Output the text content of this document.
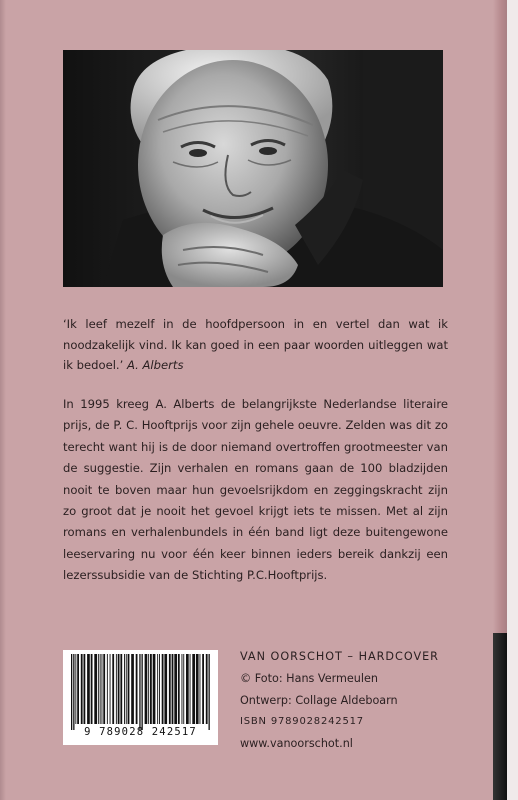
‘Ik leef mezelf in de hoofdpersoon in en vertel dan wat ik noodzakelijk vind. Ik kan goed in een paar woorden uitleggen wat ik bedoel.’ A. Alberts
In 1995 kreeg A. Alberts de belangrijkste Nederlandse literaire prijs, de P. C. Hooftprijs voor zijn gehele oeuvre. Zelden was dit zo terecht want hij is de door niemand overtroffen grootmeester van de suggestie. Zijn verhalen en romans gaan de 100 bladzijden nooit te boven maar hun gevoelsrijkdom en zeggingskracht zijn zo groot dat je nooit het gevoel krijgt iets te missen. Met al zijn romans en verhalenbundels in één band ligt deze buitengewone leeservaring nu voor één keer binnen ieders bereik dankzij een lezerssubsidie van de Stichting P.C.Hooftprijs.
9 789028 242517
VAN OORSCHOT – HARDCOVER
© Foto: Hans Vermeulen
Ontwerp: Collage Aldeboarn
ISBN 9789028242517
www.vanoorschot.nl
